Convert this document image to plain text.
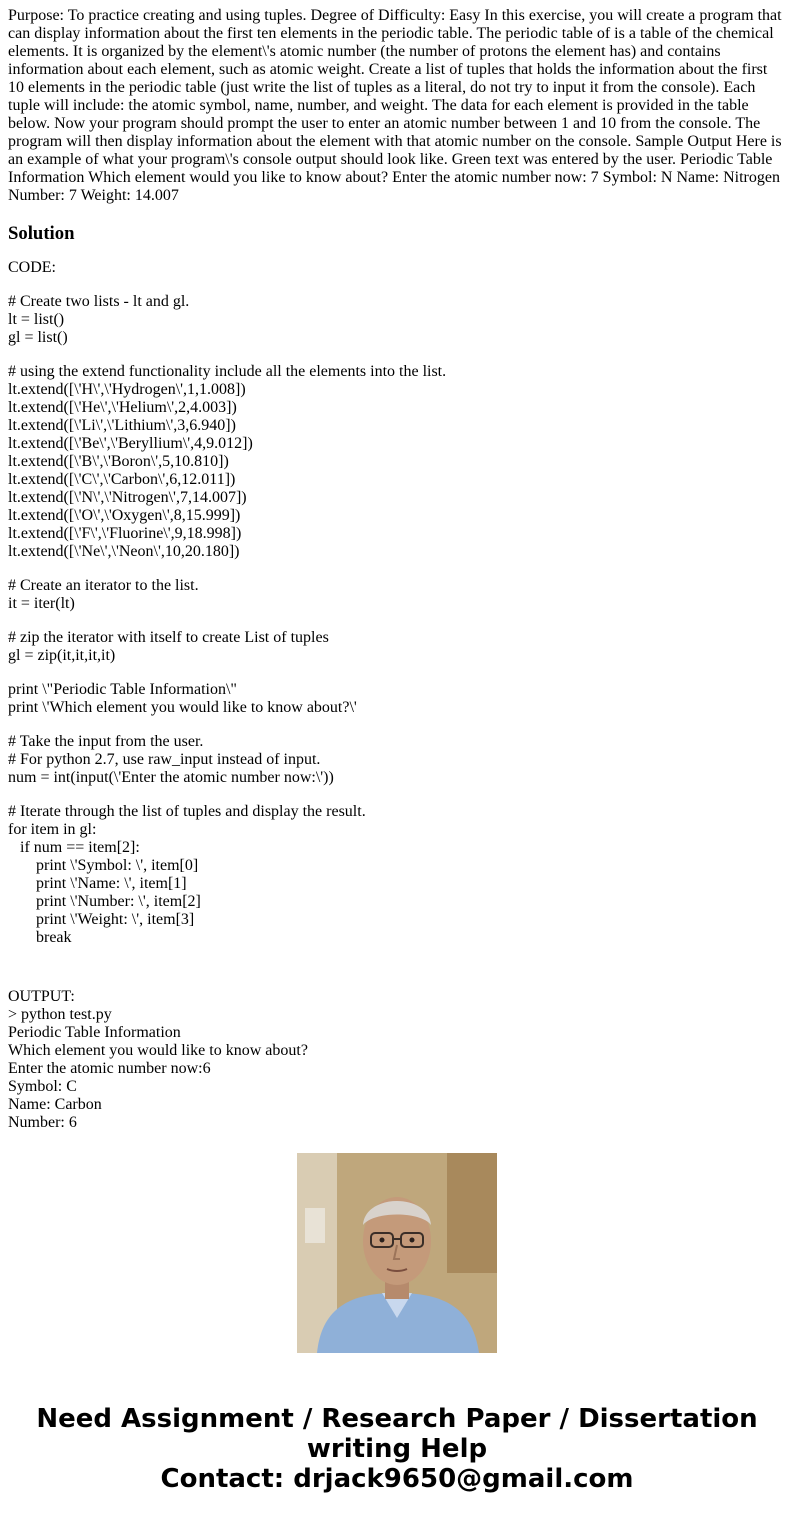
Purpose: To practice creating and using tuples. Degree of Difficulty: Easy In this exercise, you will create a program that can display information about the first ten elements in the periodic table. The periodic table of is a table of the chemical elements. It is organized by the element\'s atomic number (the number of protons the element has) and contains information about each element, such as atomic weight. Create a list of tuples that holds the information about the first 10 elements in the periodic table (just write the list of tuples as a literal, do not try to input it from the console). Each tuple will include: the atomic symbol, name, number, and weight. The data for each element is provided in the table below. Now your program should prompt the user to enter an atomic number between 1 and 10 from the console. The program will then display information about the element with that atomic number on the console. Sample Output Here is an example of what your program\'s console output should look like. Green text was entered by the user. Periodic Table Information Which element would you like to know about? Enter the atomic number now: 7 Symbol: N Name: Nitrogen Number: 7 Weight: 14.007

Solution
CODE:
# Create two lists - lt and gl.
lt = list()
gl = list()
# using the extend functionality include all the elements into the list.
lt.extend([\'H\',\'Hydrogen\',1,1.008])
lt.extend([\'He\',\'Helium\',2,4.003])
lt.extend([\'Li\',\'Lithium\',3,6.940])
lt.extend([\'Be\',\'Beryllium\',4,9.012])
lt.extend([\'B\',\'Boron\',5,10.810])
lt.extend([\'C\',\'Carbon\',6,12.011])
lt.extend([\'N\',\'Nitrogen\',7,14.007])
lt.extend([\'O\',\'Oxygen\',8,15.999])
lt.extend([\'F\',\'Fluorine\',9,18.998])
lt.extend([\'Ne\',\'Neon\',10,20.180])
# Create an iterator to the list.
it = iter(lt)
# zip the iterator with itself to create List of tuples
gl = zip(it,it,it,it)
print \"Periodic Table Information\"
print \'Which element you would like to know about?\'
# Take the input from the user.
# For python 2.7, use raw_input instead of input.
num = int(input(\'Enter the atomic number now:\'))
# Iterate through the list of tuples and display the result.
for item in gl:
if num == item[2]:
print \'Symbol: \', item[0]
print \'Name: \', item[1]
print \'Number: \', item[2]
print \'Weight: \', item[3]
break
OUTPUT:
> python test.py
Periodic Table Information
Which element you would like to know about?
Enter the atomic number now:6
Symbol: C
Name: Carbon
Number: 6
Need Assignment / Research Paper / Dissertation
writing Help
Contact: drjack9650@gmail.com
